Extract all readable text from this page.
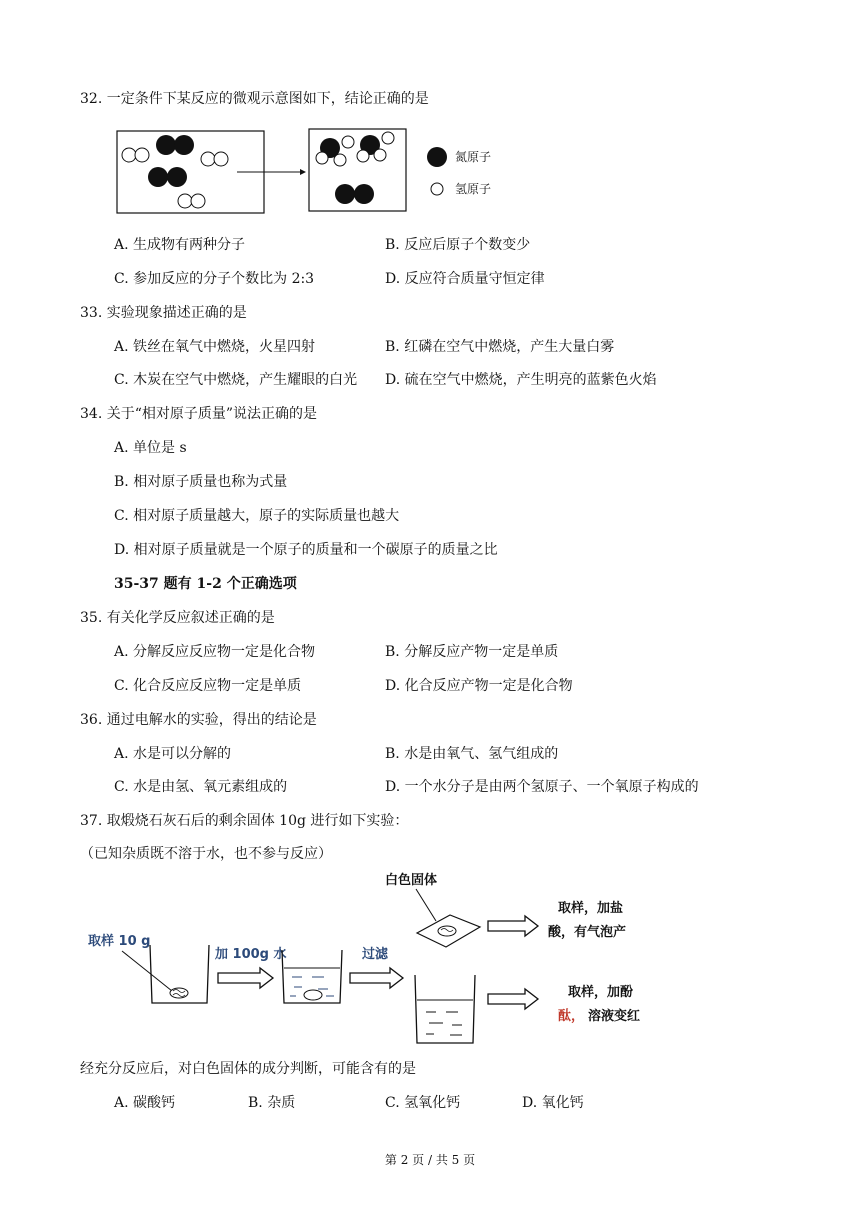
32. 一定条件下某反应的微观示意图如下，结论正确的是
氮原子
氢原子
A. 生成物有两种分子	B. 反应后原子个数变少
C. 参加反应的分子个数比为 2:3	D. 反应符合质量守恒定律
33. 实验现象描述正确的是
A. 铁丝在氧气中燃烧，火星四射	B. 红磷在空气中燃烧，产生大量白雾
C. 木炭在空气中燃烧，产生耀眼的白光 D. 硫在空气中燃烧，产生明亮的蓝紫色火焰
34. 关于“相对原子质量”说法正确的是
A. 单位是 s
B. 相对原子质量也称为式量
C. 相对原子质量越大，原子的实际质量也越大
D. 相对原子质量就是一个原子的质量和一个碳原子的质量之比
35-37 题有 1-2 个正确选项
35. 有关化学反应叙述正确的是
A. 分解反应反应物一定是化合物	B. 分解反应产物一定是单质
C. 化合反应反应物一定是单质	D. 化合反应产物一定是化合物
36. 通过电解水的实验，得出的结论是
A. 水是可以分解的	B. 水是由氧气、氢气组成的
C. 水是由氢、氧元素组成的	D. 一个水分子是由两个氢原子、一个氧原子构成的
37. 取煅烧石灰石后的剩余固体 10g 进行如下实验：
（已知杂质既不溶于水，也不参与反应）
取样 10 g
加 100g 水	过滤
白色固体
取样，加盐
酸，有气泡产
取样，加酚
酞， 溶液变红
经充分反应后，对白色固体的成分判断，可能含有的是
A. 碳酸钙	B. 杂质	C. 氢氧化钙	D. 氧化钙
第 2 页 / 共 5 页
